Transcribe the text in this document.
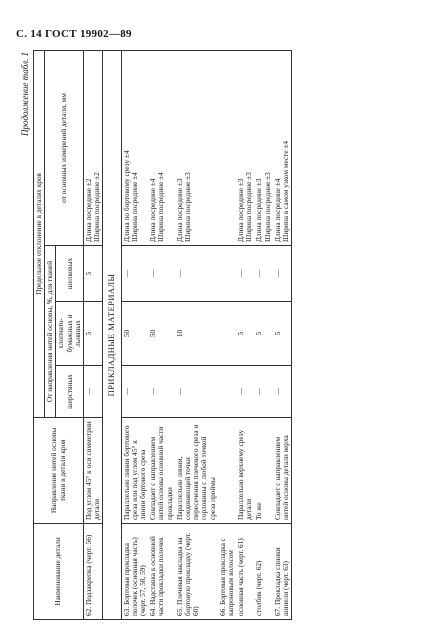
С. 14 ГОСТ 19902—89
Продолжение табл. 1
Наименование детали	Направление нитей основы ткани в детали кроя	Предельное отклонение в деталях кроя			
		От направления нитей основы, %, для тканей			от основных измерений детали, мм
		шерстяных	хлопчато-бумажных и льняных	шелковых	
62. Подзакрепка (черт. 56)	Под углом 45° к оси симметрии детали	—	5	5	Длина посредине ±2
Ширина посредине ±2
ПРИКЛАДНЫЕ МАТЕРИАЛЫ					
63. Бортовая прокладка полочек (основная часть) (черт. 57, 58, 59)	Параллельно линии бортового среза или под углом 45° к линии бортового среза	—	50	—	Длина по бортовому срезу ±4
Ширина посредине ±4
64. Надставка к основной части прокладки полочек	Совпадает с направлением нитей основы основной части прокладки	—	50	—	Длина посредине ±4
Ширина посредине ±4
65. Плечевая накладка на бортовую прокладку (черт. 60)	Параллельно линии, соединяющей точки пересечения плечевого среза и горловины с любой точкой среза проймы	—	10	—	Длина посредине ±3
Ширина посредине ±3
66. Бортовая прокладка с капроновым волосом					
основная часть (черт. 61)	Параллельно верхнему срезу детали	—	5	—	Длина посредине ±3
Ширина посредине ±3
столбик (черт. 62)	То же	—	5	—	Длина посредине ±3
Ширина посредине ±3
67. Прокладка спинки шинели (черт. 63)	Совпадает с направлением нитей основы детали верха	—	5	—	Длина посредине ±4
Ширина в самом узком месте ±4
